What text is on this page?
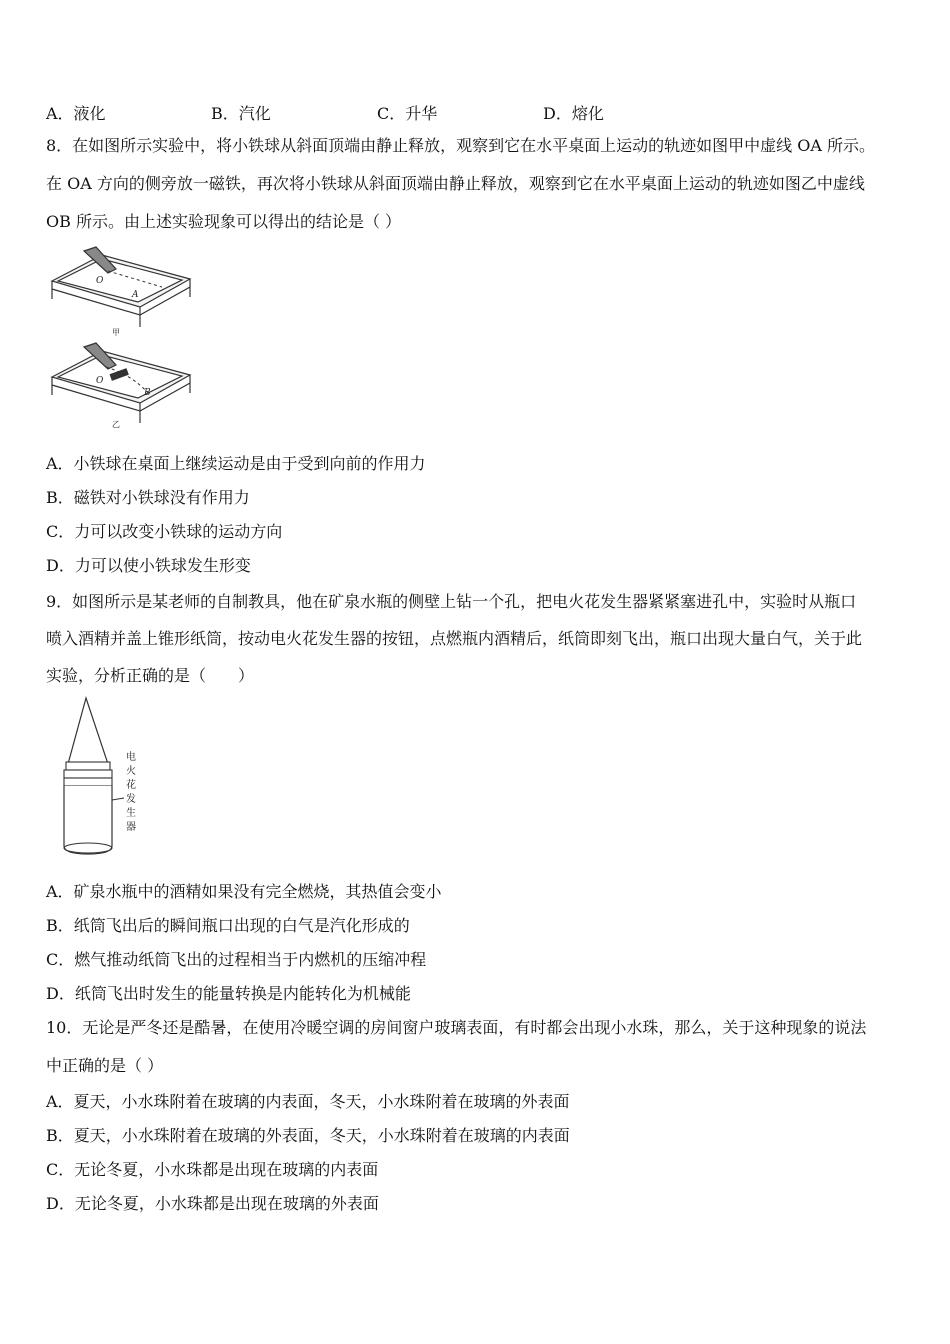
A．液化	B．汽化	C．升华	D．熔化
8．在如图所示实验中，将小铁球从斜面顶端由静止释放，观察到它在水平桌面上运动的轨迹如图甲中虚线 OA 所示。
在 OA 方向的侧旁放一磁铁，再次将小铁球从斜面顶端由静止释放，观察到它在水平桌面上运动的轨迹如图乙中虚线
OB 所示。由上述实验现象可以得出的结论是（ ）
O
A
甲
O
B
乙
A．小铁球在桌面上继续运动是由于受到向前的作用力
B．磁铁对小铁球没有作用力
C．力可以改变小铁球的运动方向
D．力可以使小铁球发生形变
9．如图所示是某老师的自制教具，他在矿泉水瓶的侧壁上钻一个孔，把电火花发生器紧紧塞进孔中，实验时从瓶口
喷入酒精并盖上锥形纸筒，按动电火花发生器的按钮，点燃瓶内酒精后，纸筒即刻飞出，瓶口出现大量白气，关于此
实验，分析正确的是（　　）
电
火
花
发
生
器
A．矿泉水瓶中的酒精如果没有完全燃烧，其热值会变小
B．纸筒飞出后的瞬间瓶口出现的白气是汽化形成的
C．燃气推动纸筒飞出的过程相当于内燃机的压缩冲程
D．纸筒飞出时发生的能量转换是内能转化为机械能
10．无论是严冬还是酷暑，在使用冷暖空调的房间窗户玻璃表面，有时都会出现小水珠，那么，关于这种现象的说法
中正确的是（ ）
A．夏天，小水珠附着在玻璃的内表面，冬天，小水珠附着在玻璃的外表面
B．夏天，小水珠附着在玻璃的外表面，冬天，小水珠附着在玻璃的内表面
C．无论冬夏，小水珠都是出现在玻璃的内表面
D．无论冬夏，小水珠都是出现在玻璃的外表面
